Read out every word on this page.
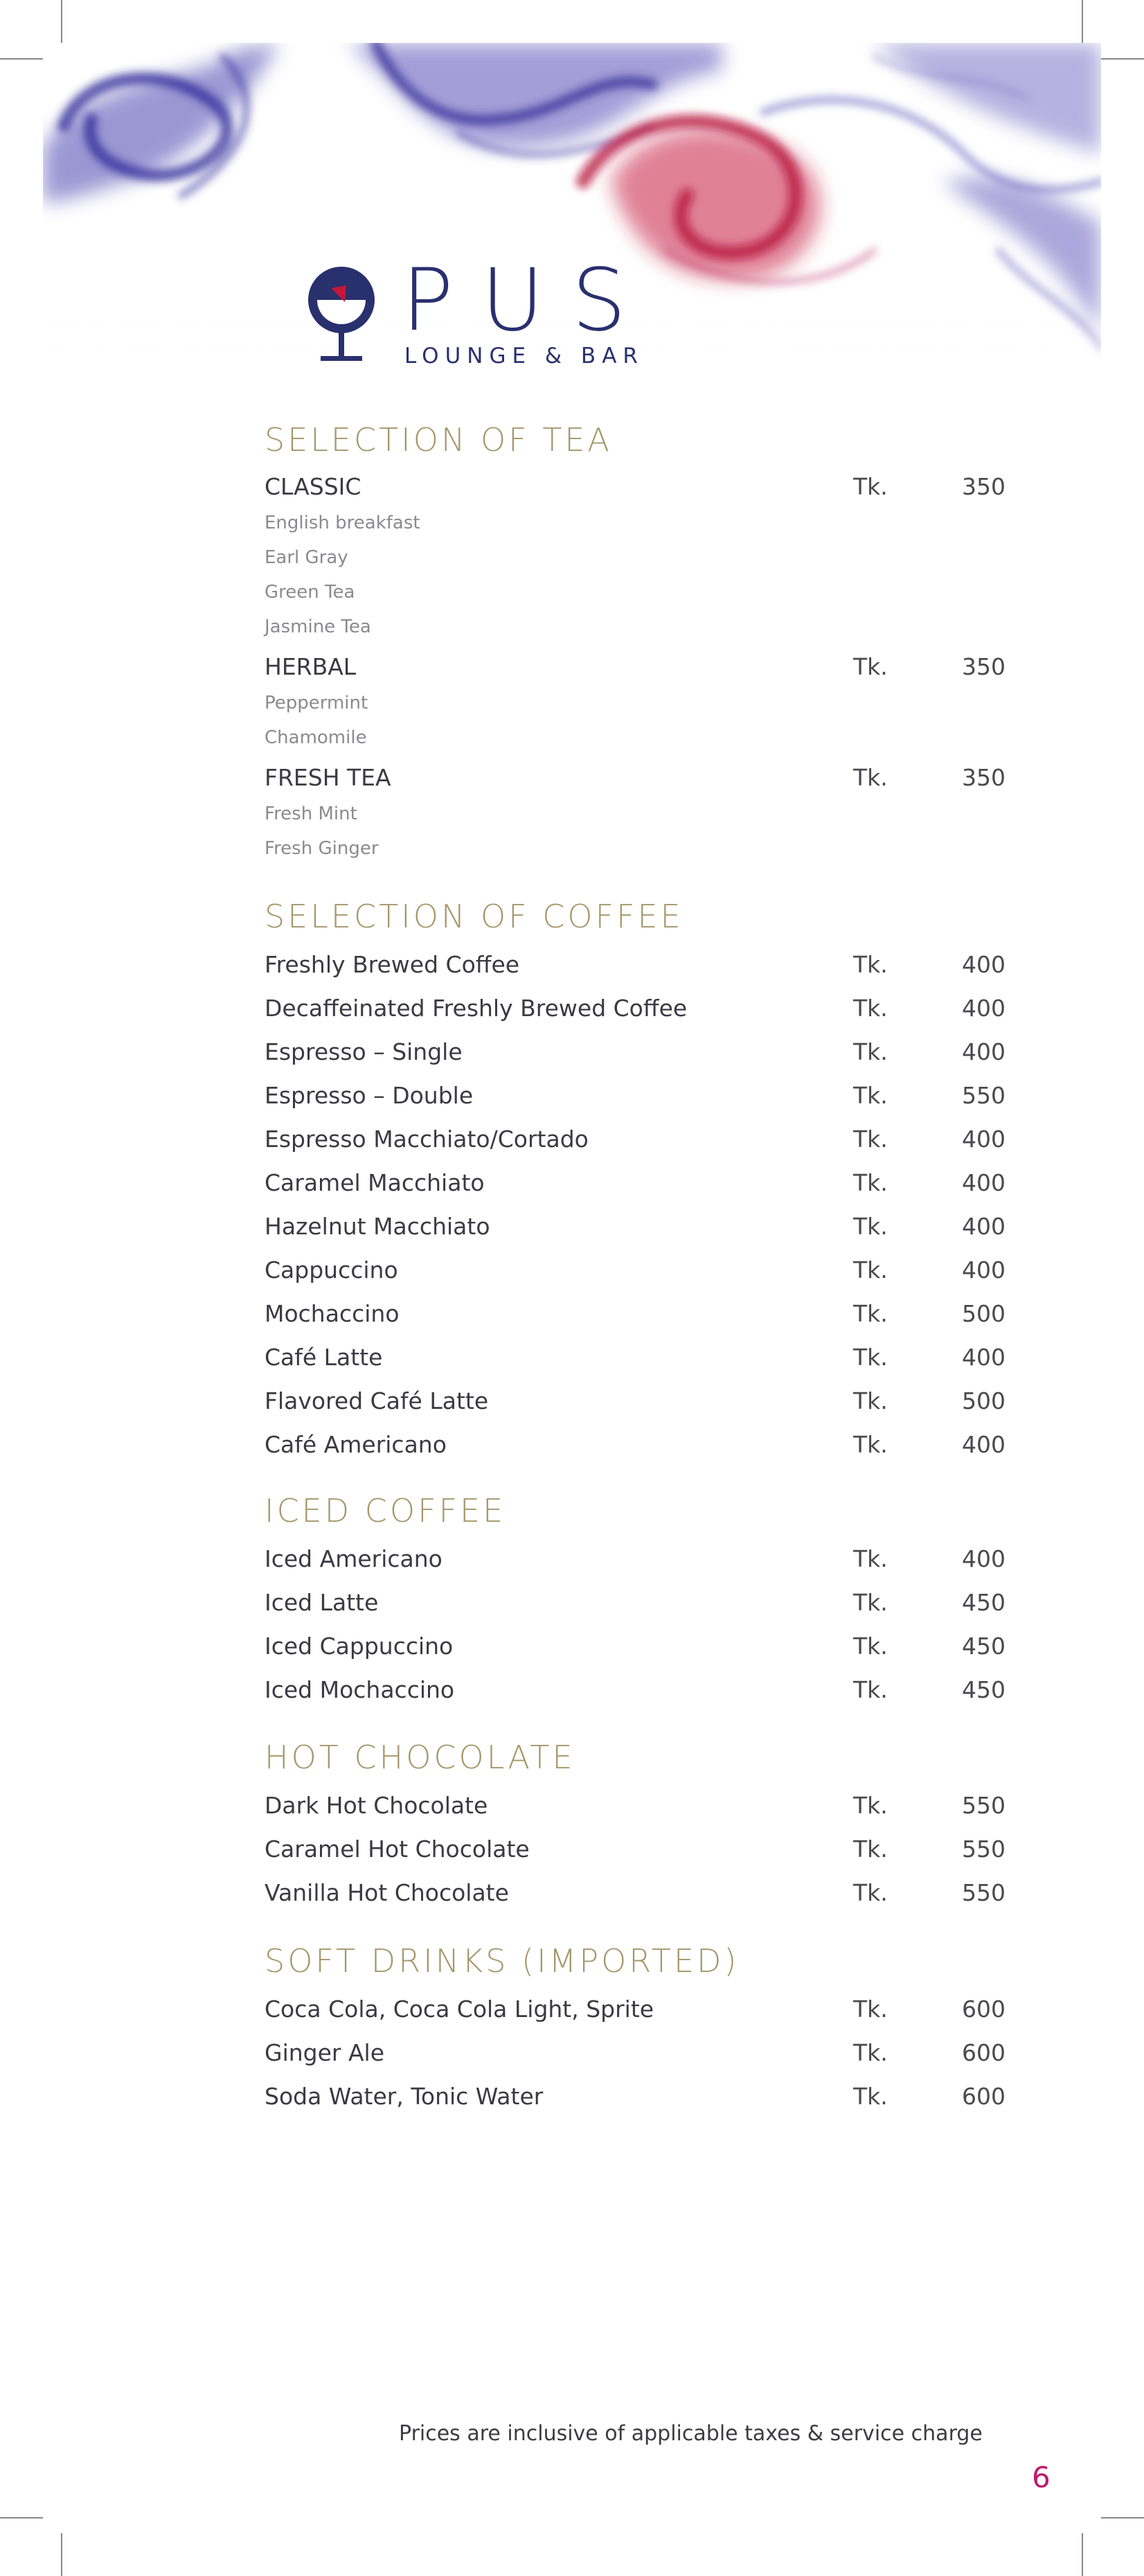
PUS
LOUNGE & BAR
SELECTION OF TEA
CLASSIC	Tk.	350
English breakfast
Earl Gray
Green Tea
Jasmine Tea
HERBAL	Tk.	350
Peppermint
Chamomile
FRESH TEA	Tk.	350
Fresh Mint
Fresh Ginger
SELECTION OF COFFEE
Freshly Brewed Coffee	Tk.	400
Decaffeinated Freshly Brewed Coffee	Tk.	400
Espresso – Single	Tk.	400
Espresso – Double	Tk.	550
Espresso Macchiato/Cortado	Tk.	400
Caramel Macchiato	Tk.	400
Hazelnut Macchiato	Tk.	400
Cappuccino	Tk.	400
Mochaccino	Tk.	500
Café Latte	Tk.	400
Flavored Café Latte	Tk.	500
Café Americano	Tk.	400
ICED COFFEE
Iced Americano	Tk.	400
Iced Latte	Tk.	450
Iced Cappuccino	Tk.	450
Iced Mochaccino	Tk.	450
HOT CHOCOLATE
Dark Hot Chocolate	Tk.	550
Caramel Hot Chocolate	Tk.	550
Vanilla Hot Chocolate	Tk.	550
SOFT DRINKS (IMPORTED)
Coca Cola, Coca Cola Light, Sprite	Tk.	600
Ginger Ale	Tk.	600
Soda Water, Tonic Water	Tk.	600
Prices are inclusive of applicable taxes & service charge
6
